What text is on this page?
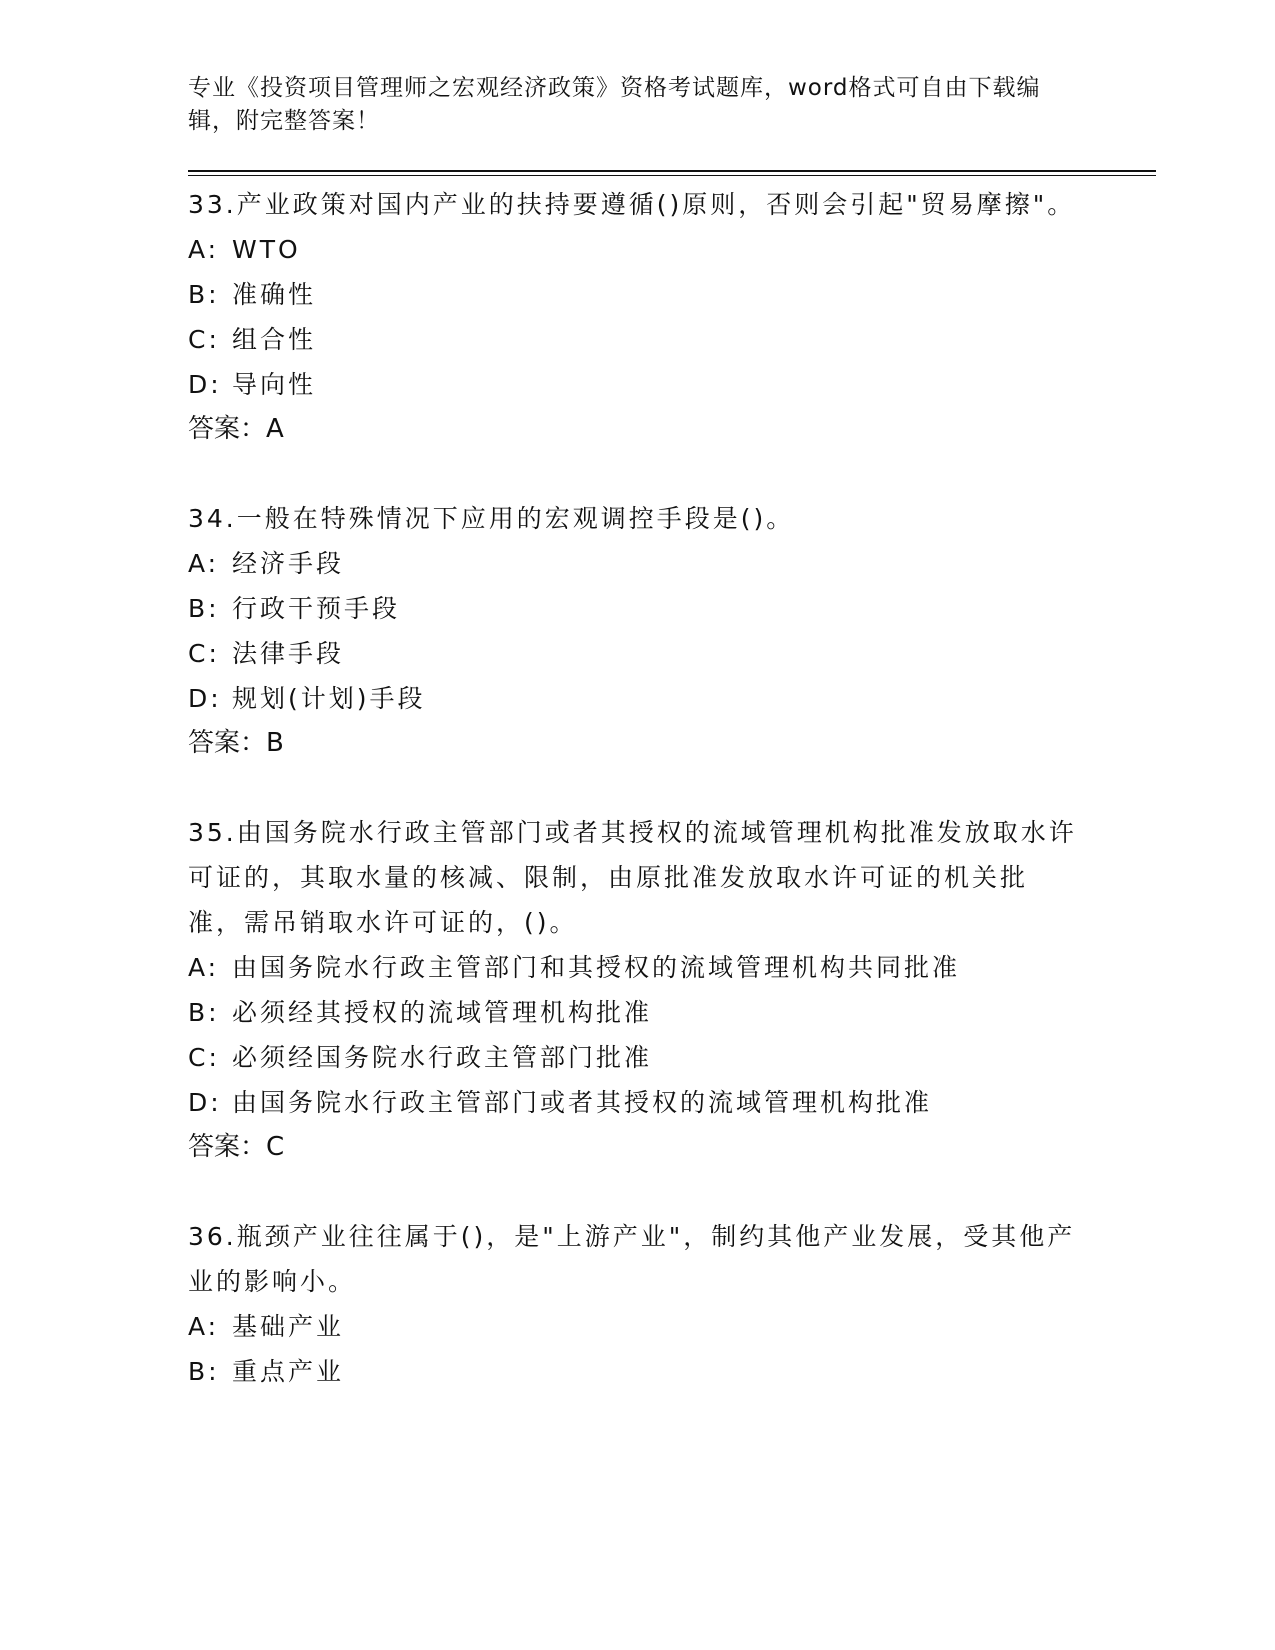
专业《投资项目管理师之宏观经济政策》资格考试题库，word格式可自由下载编辑，附完整答案！

33.产业政策对国内产业的扶持要遵循()原则，否则会引起"贸易摩擦"。

A: WTO

B: 准确性

C: 组合性

D: 导向性

答案：A

34.一般在特殊情况下应用的宏观调控手段是()。

A: 经济手段

B: 行政干预手段

C: 法律手段

D: 规划(计划)手段

答案：B

35.由国务院水行政主管部门或者其授权的流域管理机构批准发放取水许可证的，其取水量的核减、限制，由原批准发放取水许可证的机关批准，需吊销取水许可证的，()。

A: 由国务院水行政主管部门和其授权的流域管理机构共同批准

B: 必须经其授权的流域管理机构批准

C: 必须经国务院水行政主管部门批准

D: 由国务院水行政主管部门或者其授权的流域管理机构批准

答案：C

36.瓶颈产业往往属于()，是"上游产业"，制约其他产业发展，受其他产业的影响小。

A: 基础产业

B: 重点产业
